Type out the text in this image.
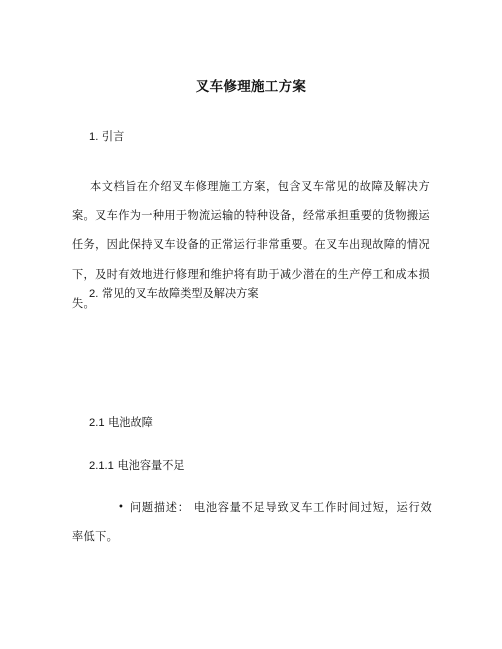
叉车修理施工方案
1. 引言
本文档旨在介绍叉车修理施工方案，包含叉车常见的故障及解决方案。叉车作为一种用于物流运输的特种设备，经常承担重要的货物搬运任务，因此保持叉车设备的正常运行非常重要。在叉车出现故障的情况下，及时有效地进行修理和维护将有助于减少潜在的生产停工和成本损失。
2. 常见的叉车故障类型及解决方案
2.1 电池故障
2.1.1 电池容量不足
• 问题描述： 电池容量不足导致叉车工作时间过短，运行效率低下。
